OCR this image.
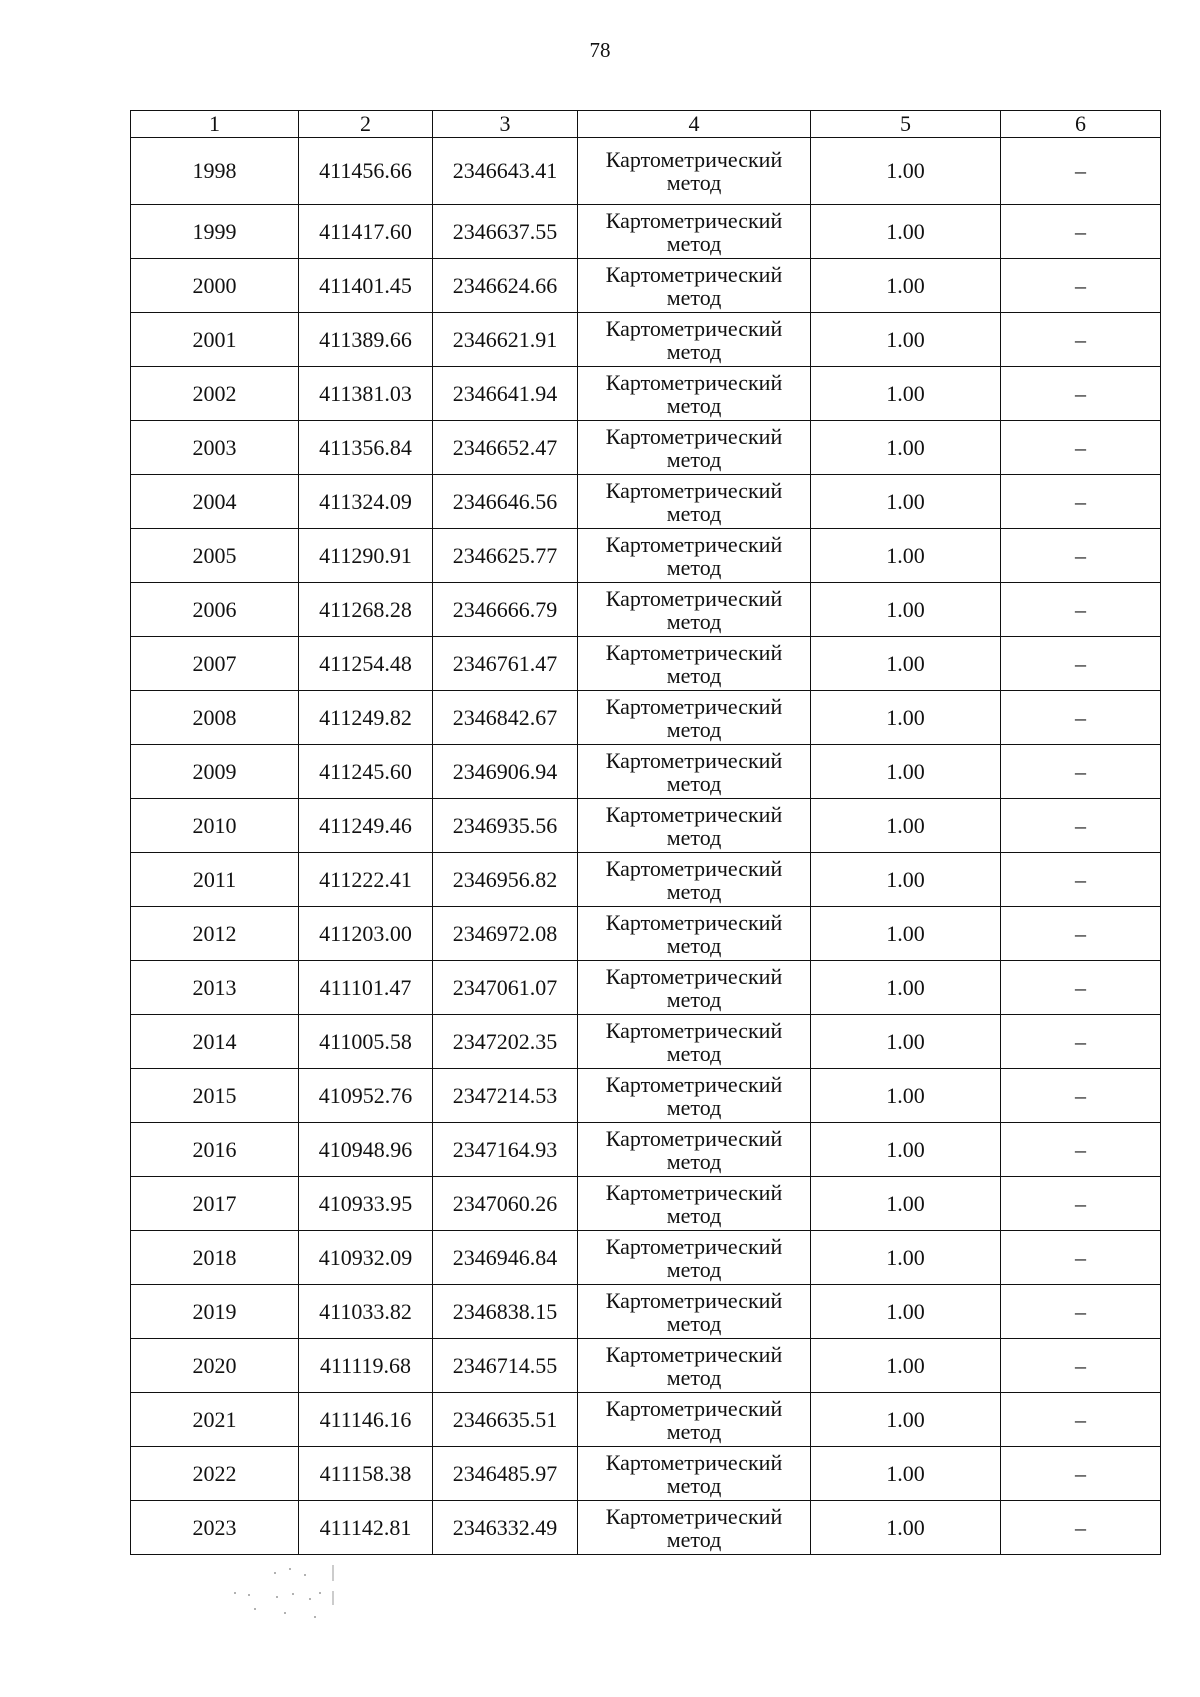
78
1	2	3	4	5	6
1998	411456.66	2346643.41	Картометрический
метод	1.00	–
1999	411417.60	2346637.55	Картометрический
метод	1.00	–
2000	411401.45	2346624.66	Картометрический
метод	1.00	–
2001	411389.66	2346621.91	Картометрический
метод	1.00	–
2002	411381.03	2346641.94	Картометрический
метод	1.00	–
2003	411356.84	2346652.47	Картометрический
метод	1.00	–
2004	411324.09	2346646.56	Картометрический
метод	1.00	–
2005	411290.91	2346625.77	Картометрический
метод	1.00	–
2006	411268.28	2346666.79	Картометрический
метод	1.00	–
2007	411254.48	2346761.47	Картометрический
метод	1.00	–
2008	411249.82	2346842.67	Картометрический
метод	1.00	–
2009	411245.60	2346906.94	Картометрический
метод	1.00	–
2010	411249.46	2346935.56	Картометрический
метод	1.00	–
2011	411222.41	2346956.82	Картометрический
метод	1.00	–
2012	411203.00	2346972.08	Картометрический
метод	1.00	–
2013	411101.47	2347061.07	Картометрический
метод	1.00	–
2014	411005.58	2347202.35	Картометрический
метод	1.00	–
2015	410952.76	2347214.53	Картометрический
метод	1.00	–
2016	410948.96	2347164.93	Картометрический
метод	1.00	–
2017	410933.95	2347060.26	Картометрический
метод	1.00	–
2018	410932.09	2346946.84	Картометрический
метод	1.00	–
2019	411033.82	2346838.15	Картометрический
метод	1.00	–
2020	411119.68	2346714.55	Картометрический
метод	1.00	–
2021	411146.16	2346635.51	Картометрический
метод	1.00	–
2022	411158.38	2346485.97	Картометрический
метод	1.00	–
2023	411142.81	2346332.49	Картометрический
метод	1.00	–
